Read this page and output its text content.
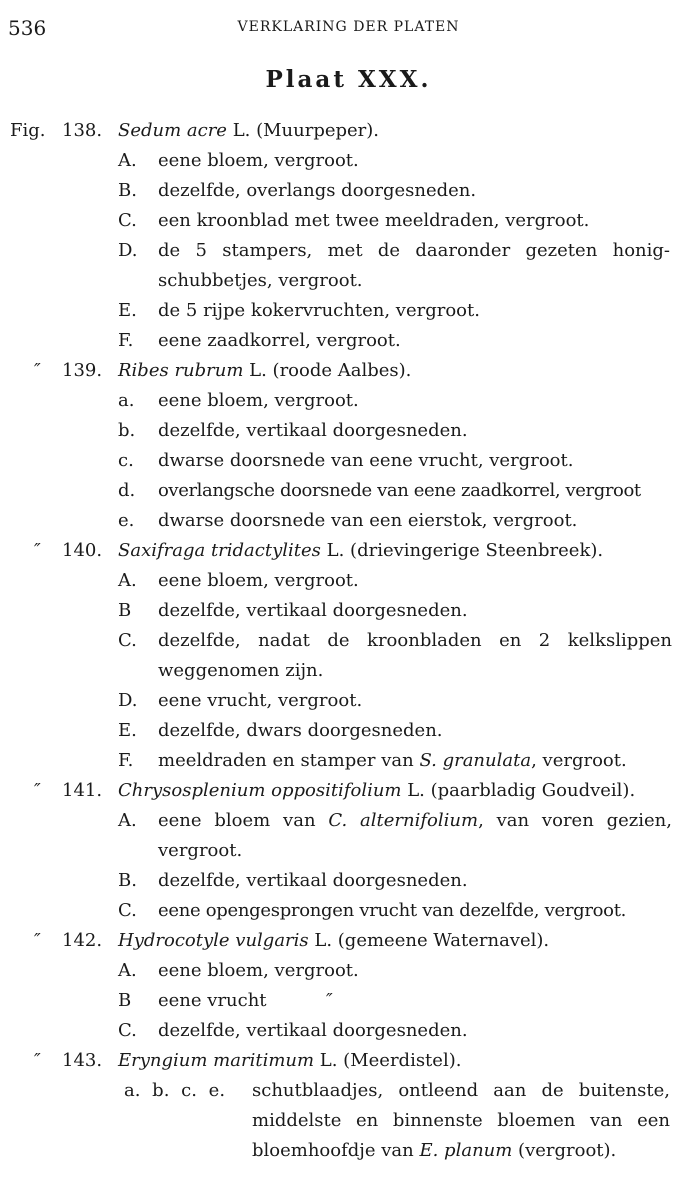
536	VERKLARING DER PLATEN
Plaat XXX.
Fig. 138. Sedum acre L. (Muurpeper).
A. eene bloem, vergroot.
B. dezelfde, overlangs doorgesneden.
C. een kroonblad met twee meeldraden, vergroot.
D. de 5 stampers, met de daaronder gezeten honig-
schubbetjes, vergroot.
E. de 5 rijpe kokervruchten, vergroot.
F. eene zaadkorrel, vergroot.
″ 139. Ribes rubrum L. (roode Aalbes).
a. eene bloem, vergroot.
b. dezelfde, vertikaal doorgesneden.
c. dwarse doorsnede van eene vrucht, vergroot.
d. overlangsche doorsnede van eene zaadkorrel, vergroot
e. dwarse doorsnede van een eierstok, vergroot.
″ 140. Saxifraga tridactylites L. (drievingerige Steenbreek).
A. eene bloem, vergroot.
B dezelfde, vertikaal doorgesneden.
C. dezelfde, nadat de kroonbladen en 2 kelkslippen
weggenomen zijn.
D. eene vrucht, vergroot.
E. dezelfde, dwars doorgesneden.
F. meeldraden en stamper van S. granulata, vergroot.
″ 141. Chrysosplenium oppositifolium L. (paarbladig Goudveil).
A. eene bloem van C. alternifolium, van voren gezien,
vergroot.
B. dezelfde, vertikaal doorgesneden.
C. eene opengesprongen vrucht van dezelfde, vergroot.
″ 142. Hydrocotyle vulgaris L. (gemeene Waternavel).
A. eene bloem, vergroot.
B eene vrucht	″
C. dezelfde, vertikaal doorgesneden.
″ 143. Eryngium maritimum L. (Meerdistel).
a. b. c. e. schutblaadjes, ontleend aan de buitenste,
middelste en binnenste bloemen van een
bloemhoofdje van E. planum (vergroot).
